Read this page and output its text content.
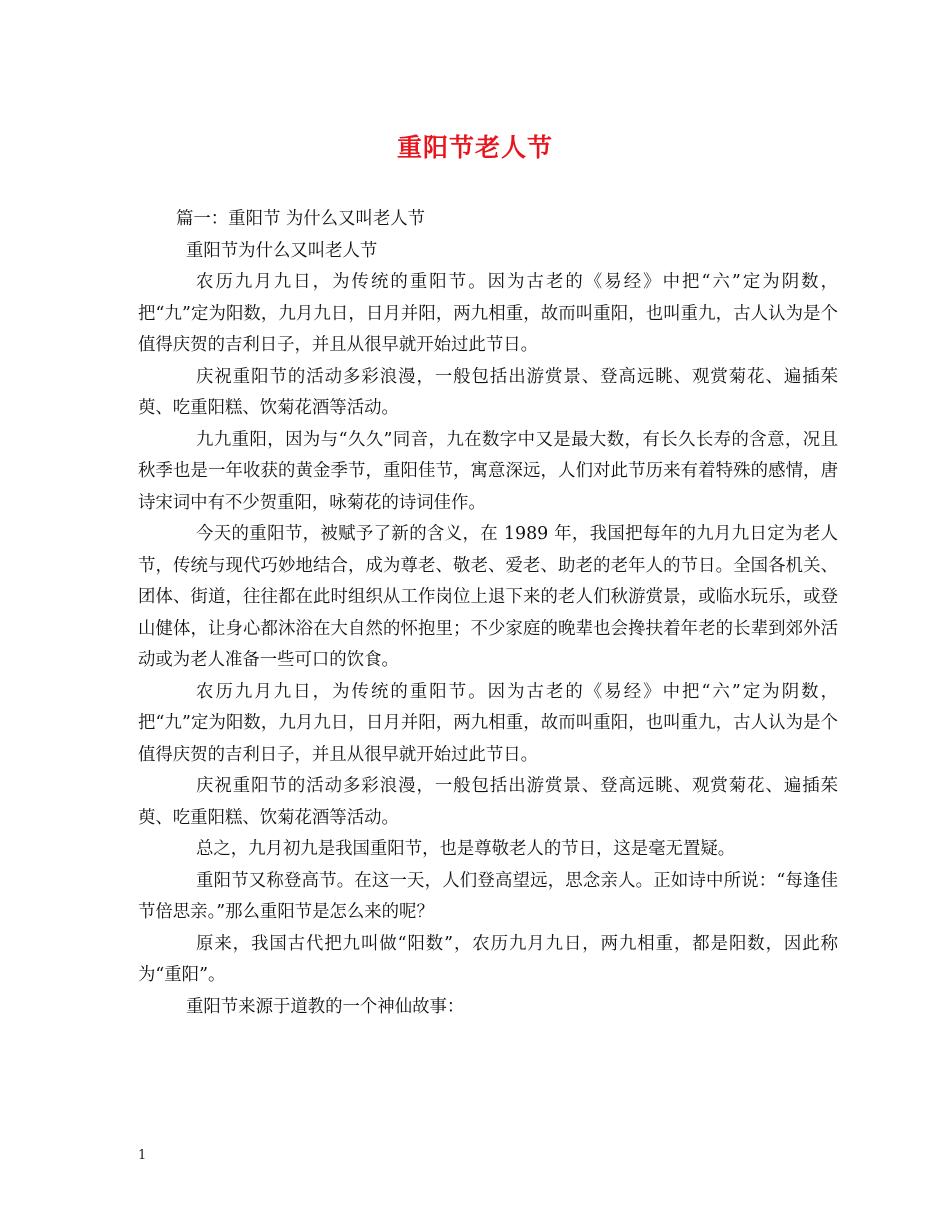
重阳节老人节

篇一：重阳节 为什么又叫老人节

重阳节为什么又叫老人节

农历九月九日，为传统的重阳节。因为古老的《易经》中把“六”定为阴数，把“九”定为阳数，九月九日，日月并阳，两九相重，故而叫重阳，也叫重九，古人认为是个值得庆贺的吉利日子，并且从很早就开始过此节日。

庆祝重阳节的活动多彩浪漫，一般包括出游赏景、登高远眺、观赏菊花、遍插茱萸、吃重阳糕、饮菊花酒等活动。

九九重阳，因为与“久久”同音，九在数字中又是最大数，有长久长寿的含意，况且秋季也是一年收获的黄金季节，重阳佳节，寓意深远，人们对此节历来有着特殊的感情，唐诗宋词中有不少贺重阳，咏菊花的诗词佳作。

今天的重阳节，被赋予了新的含义，在 1989 年，我国把每年的九月九日定为老人节，传统与现代巧妙地结合，成为尊老、敬老、爱老、助老的老年人的节日。全国各机关、团体、街道，往往都在此时组织从工作岗位上退下来的老人们秋游赏景，或临水玩乐，或登山健体，让身心都沐浴在大自然的怀抱里；不少家庭的晚辈也会搀扶着年老的长辈到郊外活动或为老人准备一些可口的饮食。

农历九月九日，为传统的重阳节。因为古老的《易经》中把“六”定为阴数，把“九”定为阳数，九月九日，日月并阳，两九相重，故而叫重阳，也叫重九，古人认为是个值得庆贺的吉利日子，并且从很早就开始过此节日。

庆祝重阳节的活动多彩浪漫，一般包括出游赏景、登高远眺、观赏菊花、遍插茱萸、吃重阳糕、饮菊花酒等活动。

总之，九月初九是我国重阳节，也是尊敬老人的节日，这是毫无置疑。

重阳节又称登高节。在这一天，人们登高望远，思念亲人。正如诗中所说：“每逢佳节倍思亲。”那么重阳节是怎么来的呢？

原来，我国古代把九叫做“阳数”，农历九月九日，两九相重，都是阳数，因此称为“重阳”。

重阳节来源于道教的一个神仙故事：

1
